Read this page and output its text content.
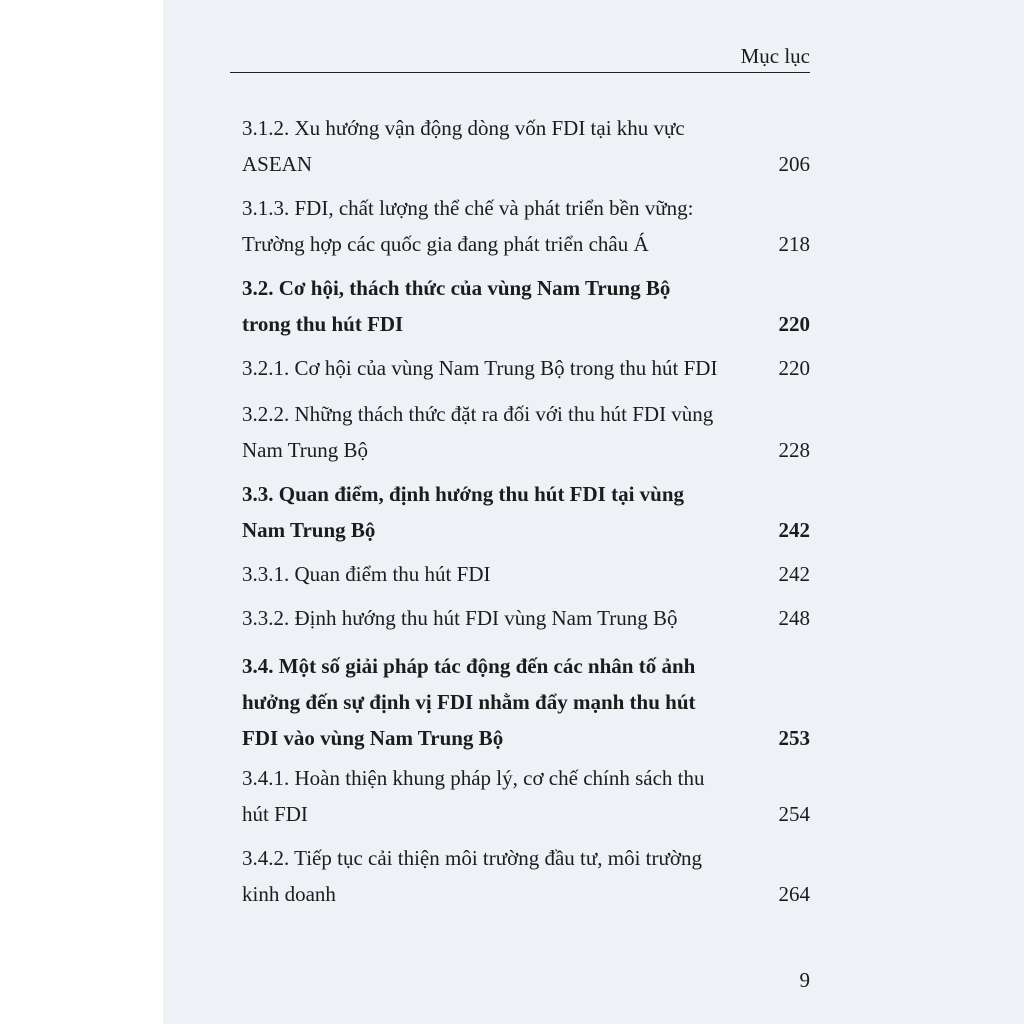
Mục lục
3.1.2. Xu hướng vận động dòng vốn FDI tại khu vực
ASEAN	206
3.1.3. FDI, chất lượng thể chế và phát triển bền vững:
Trường hợp các quốc gia đang phát triển châu Á	218
3.2. Cơ hội, thách thức của vùng Nam Trung Bộ
trong thu hút FDI	220
3.2.1. Cơ hội của vùng Nam Trung Bộ trong thu hút FDI	220
3.2.2. Những thách thức đặt ra đối với thu hút FDI vùng
Nam Trung Bộ	228
3.3. Quan điểm, định hướng thu hút FDI tại vùng
Nam Trung Bộ	242
3.3.1. Quan điểm thu hút FDI	242
3.3.2. Định hướng thu hút FDI vùng Nam Trung Bộ	248
3.4. Một số giải pháp tác động đến các nhân tố ảnh
hưởng đến sự định vị FDI nhằm đẩy mạnh thu hút
FDI vào vùng Nam Trung Bộ	253
3.4.1. Hoàn thiện khung pháp lý, cơ chế chính sách thu
hút FDI	254
3.4.2. Tiếp tục cải thiện môi trường đầu tư, môi trường
kinh doanh	264
9
